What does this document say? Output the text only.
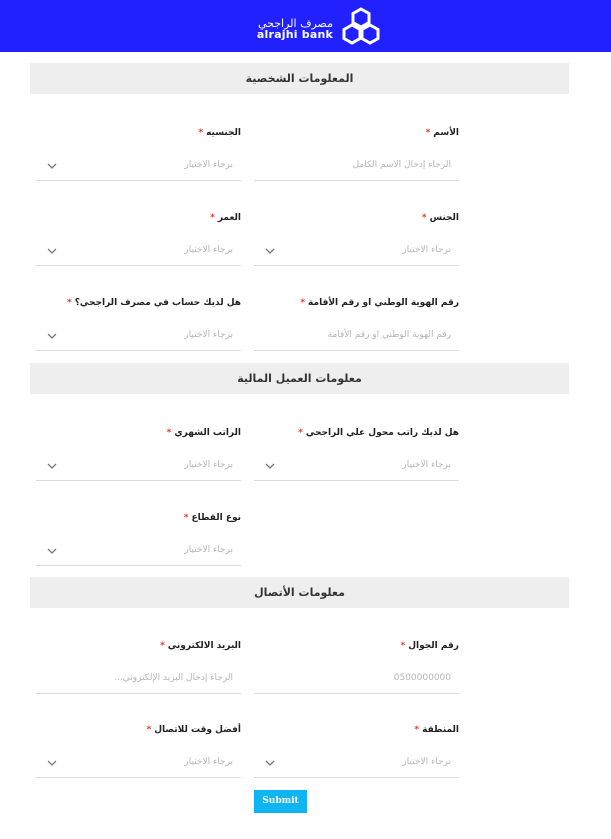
مصرف الراجحي
alrajhi bank
المعلومات الشخصية
الأسم*
الرجاء إدخال الاسم الكامل
الجنسيه*
برجاء الاختيار
الجنس*
برجاء الاختيار
العمر*
برجاء الاختيار
رقم الهوية الوطني او رقم الأقامة*
رقم الهوية الوطني او رقم الأقامة
هل لديك حساب في مصرف الراجحي؟*
برجاء الاختيار
معلومات العميل المالية
هل لديك راتب محول علي الراجحي*
برجاء الاختيار
الراتب الشهري*
برجاء الاختيار
نوع القطاع*
برجاء الاختيار
معلومات الأتصال
رقم الجوال*
0500000000
البريد الالكتروني*
الرجاء إدخال البريد الإلكتروني...
المنطقة*
برجاء الاختيار
أفضل وقت للاتصال*
برجاء الاختيار
Submit
